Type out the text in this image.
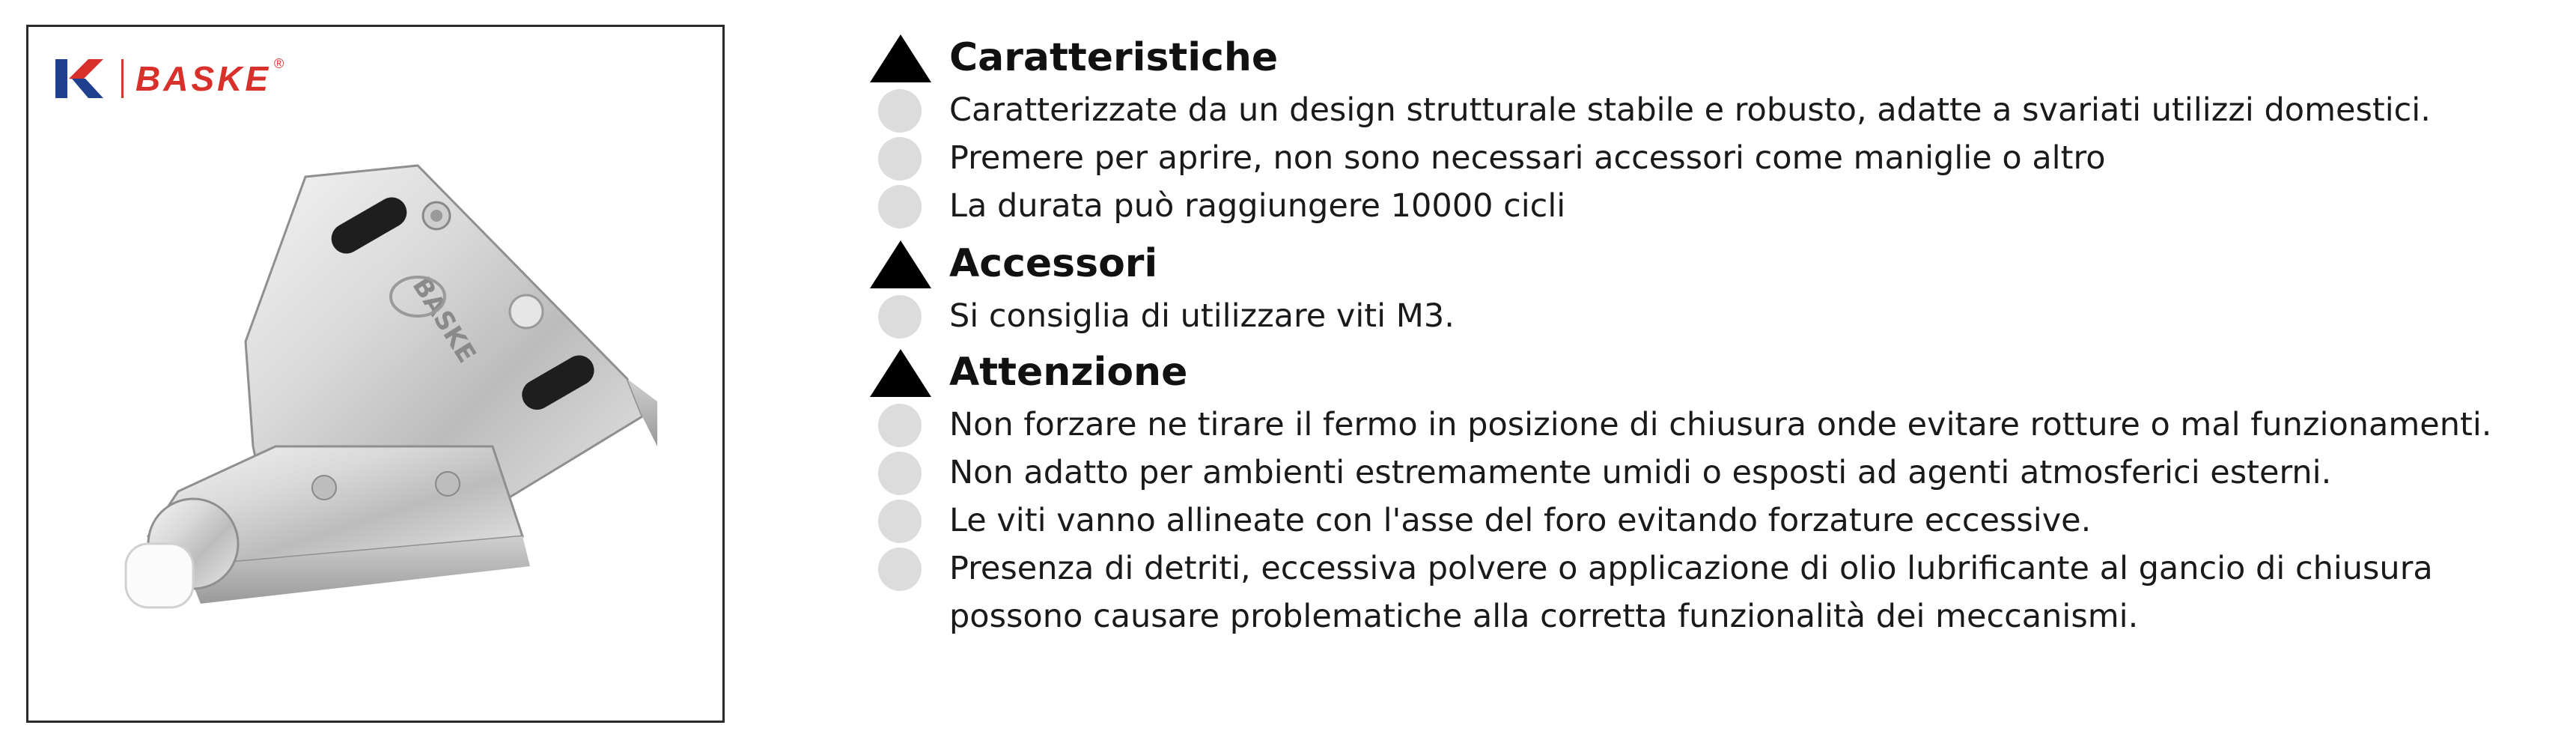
BASKE
BASKE ®	Caratteristiche
Caratterizzate da un design strutturale stabile e robusto, adatte a svariati utilizzi domestici.
Premere per aprire, non sono necessari accessori come maniglie o altro
La durata può raggiungere 10000 cicli
Accessori
Si consiglia di utilizzare viti M3.
Attenzione
Non forzare ne tirare il fermo in posizione di chiusura onde evitare rotture o mal funzionamenti.
Non adatto per ambienti estremamente umidi o esposti ad agenti atmosferici esterni.
Le viti vanno allineate con l'asse del foro evitando forzature eccessive.
Presenza di detriti, eccessiva polvere o applicazione di olio lubrificante al gancio di chiusura possono causare problematiche alla corretta funzionalità dei meccanismi.
